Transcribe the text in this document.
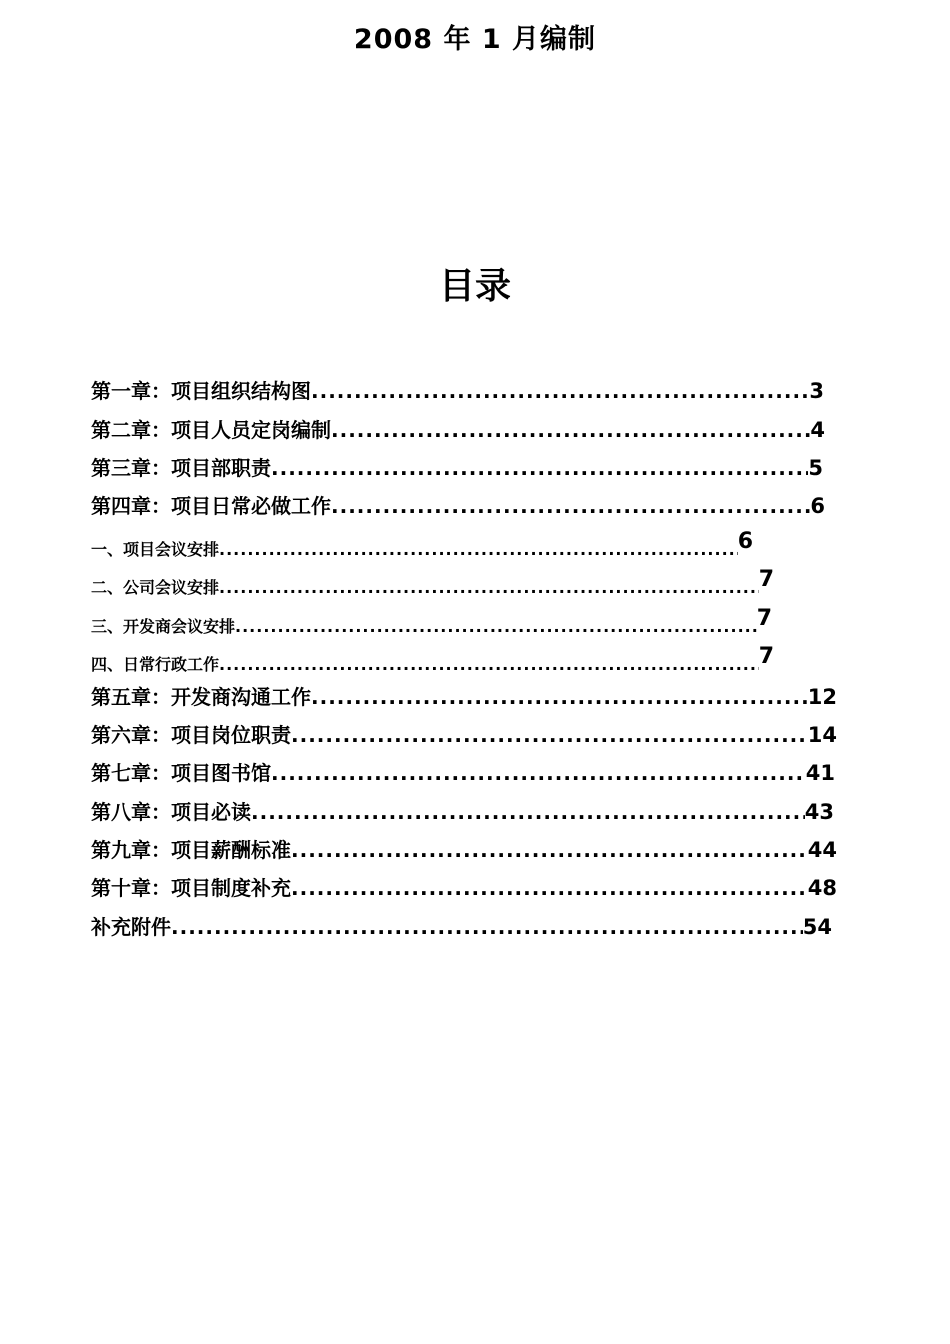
2008 年 1 月编制
目录
第一章：项目组织结构图 .....	3
第二章：项目人员定岗编制 .....	4
第三章：项目部职责 .....	5
第四章：项目日常必做工作 .....	6
一、项目会议安排 .....	6
二、公司会议安排 .....	7
三、开发商会议安排 .....	7
四、日常行政工作 .....	7
第五章：开发商沟通工作 .....	12
第六章：项目岗位职责 .....	14
第七章：项目图书馆 .....	41
第八章：项目必读 .....	43
第九章：项目薪酬标准 .....	44
第十章：项目制度补充 .....	48
补充附件 .....	54
